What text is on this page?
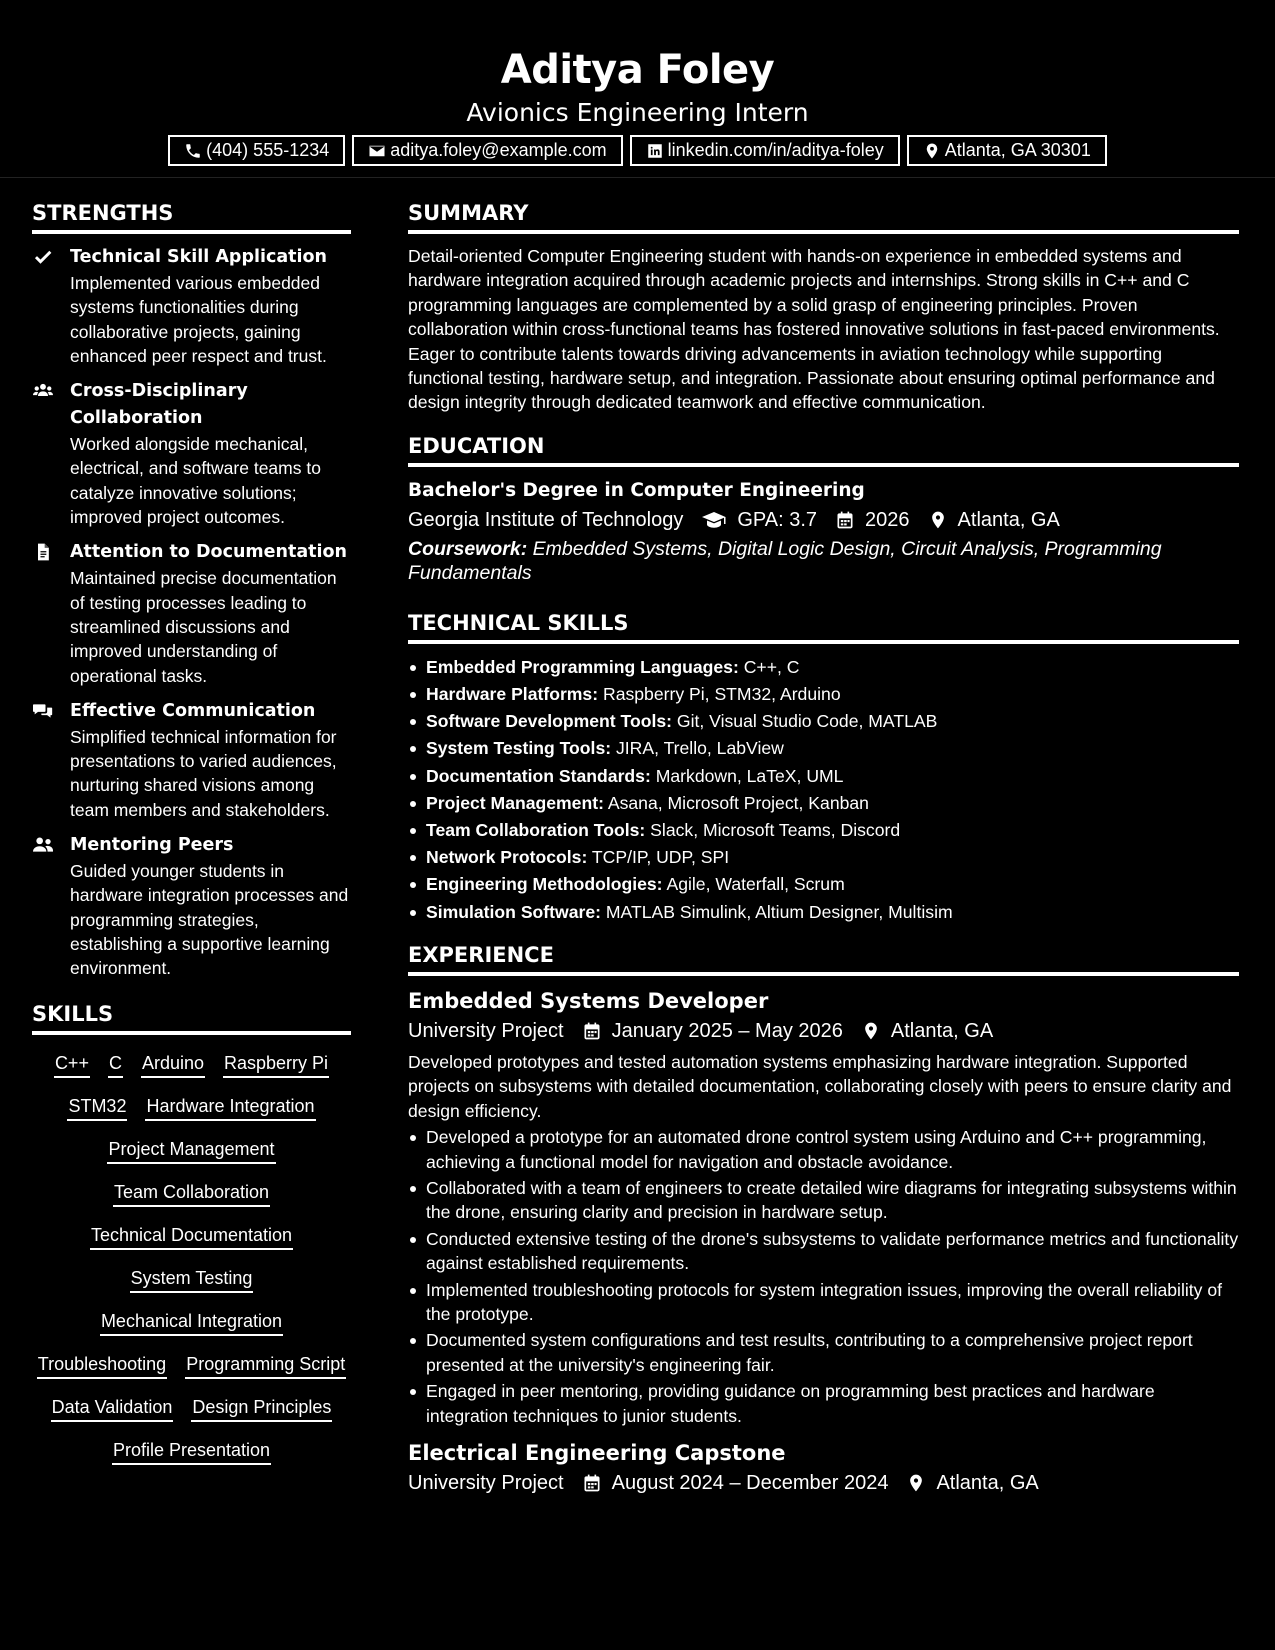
Aditya Foley
Avionics Engineering Intern
(404) 555-1234	aditya.foley@example.com	linkedin.com/in/aditya-foley	Atlanta, GA 30301
STRENGTHS
Technical Skill Application
Implemented various embedded systems functionalities during collaborative projects, gaining enhanced peer respect and trust.
Cross-Disciplinary Collaboration
Worked alongside mechanical, electrical, and software teams to catalyze innovative solutions; improved project outcomes.
Attention to Documentation
Maintained precise documentation of testing processes leading to streamlined discussions and improved understanding of operational tasks.
Effective Communication
Simplified technical information for presentations to varied audiences, nurturing shared visions among team members and stakeholders.
Mentoring Peers
Guided younger students in hardware integration processes and programming strategies, establishing a supportive learning environment.
SKILLS
C++ C Arduino Raspberry Pi
STM32 Hardware Integration
Project Management
Team Collaboration
Technical Documentation
System Testing
Mechanical Integration
Troubleshooting Programming Script
Data Validation Design Principles
Profile Presentation
SUMMARY
Detail-oriented Computer Engineering student with hands-on experience in embedded systems and hardware integration acquired through academic projects and internships. Strong skills in C++ and C programming languages are complemented by a solid grasp of engineering principles. Proven collaboration within cross-functional teams has fostered innovative solutions in fast-paced environments. Eager to contribute talents towards driving advancements in aviation technology while supporting functional testing, hardware setup, and integration. Passionate about ensuring optimal performance and design integrity through dedicated teamwork and effective communication.
EDUCATION
Bachelor's Degree in Computer Engineering
Georgia Institute of Technology	GPA: 3.7 2026 Atlanta, GA
Coursework: Embedded Systems, Digital Logic Design, Circuit Analysis, Programming Fundamentals
TECHNICAL SKILLS
Embedded Programming Languages: C++, C
Hardware Platforms: Raspberry Pi, STM32, Arduino
Software Development Tools: Git, Visual Studio Code, MATLAB
System Testing Tools: JIRA, Trello, LabView
Documentation Standards: Markdown, LaTeX, UML
Project Management: Asana, Microsoft Project, Kanban
Team Collaboration Tools: Slack, Microsoft Teams, Discord
Network Protocols: TCP/IP, UDP, SPI
Engineering Methodologies: Agile, Waterfall, Scrum
Simulation Software: MATLAB Simulink, Altium Designer, Multisim
EXPERIENCE
Embedded Systems Developer
University Project January 2025 – May 2026 Atlanta, GA
Developed prototypes and tested automation systems emphasizing hardware integration. Supported projects on subsystems with detailed documentation, collaborating closely with peers to ensure clarity and design efficiency.
Developed a prototype for an automated drone control system using Arduino and C++ programming, achieving a functional model for navigation and obstacle avoidance.
Collaborated with a team of engineers to create detailed wire diagrams for integrating subsystems within the drone, ensuring clarity and precision in hardware setup.
Conducted extensive testing of the drone's subsystems to validate performance metrics and functionality against established requirements.
Implemented troubleshooting protocols for system integration issues, improving the overall reliability of the prototype.
Documented system configurations and test results, contributing to a comprehensive project report presented at the university's engineering fair.
Engaged in peer mentoring, providing guidance on programming best practices and hardware integration techniques to junior students.
Electrical Engineering Capstone
University Project August 2024 – December 2024 Atlanta, GA
